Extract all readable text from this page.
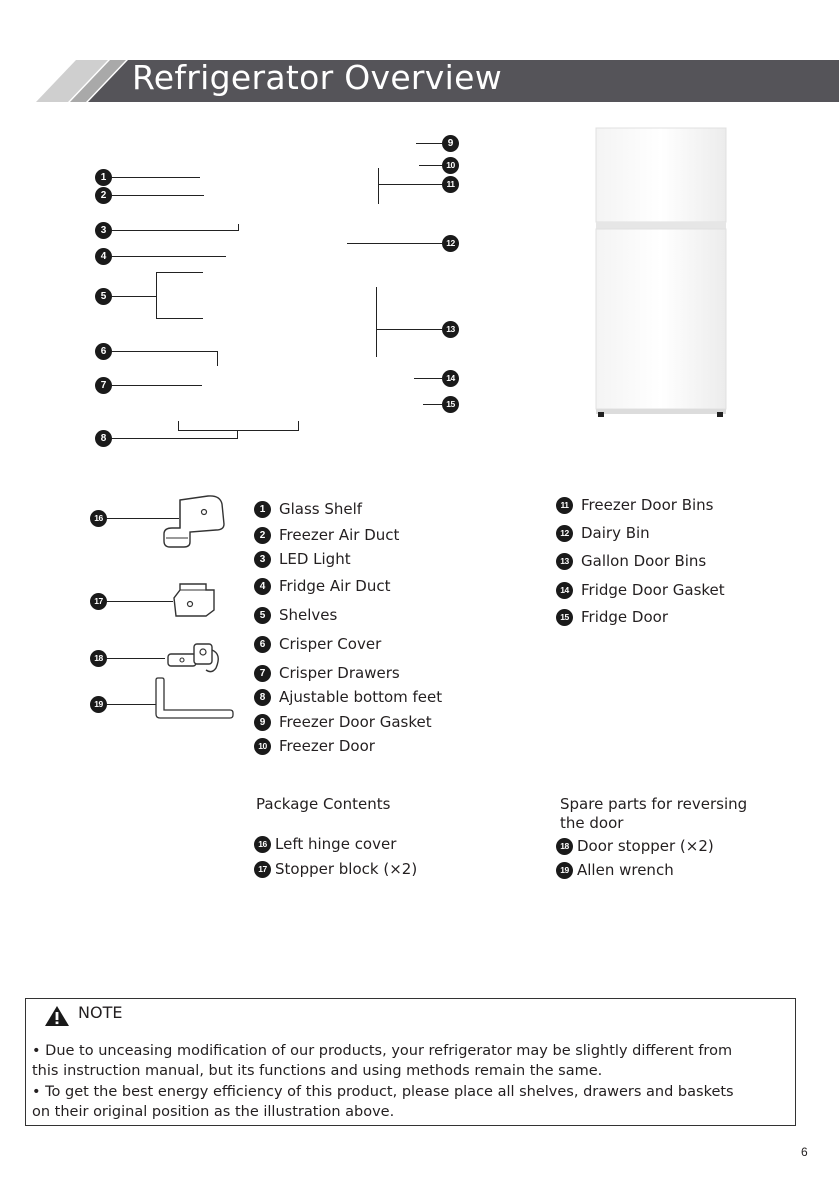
Refrigerator Overview
1
2
3
4
5
6
7
8
9
10
11
12
13
14
15
16
17
18
19
1 Glass Shelf
2 Freezer Air Duct
3 LED Light
4 Fridge Air Duct
5 Shelves
6 Crisper Cover
7 Crisper Drawers
8 Ajustable bottom feet
9 Freezer Door Gasket
10 Freezer Door
11 Freezer Door Bins
12 Dairy Bin
13 Gallon Door Bins
14 Fridge Door Gasket
15 Fridge Door
Package Contents
16 Left hinge cover
17 Stopper block (×2)
Spare parts for reversing
the door
18 Door stopper (×2)
19 Allen wrench
NOTE
• Due to unceasing modification of our products, your refrigerator may be slightly different from
this instruction manual, but its functions and using methods remain the same.
• To get the best energy efficiency of this product, please place all shelves, drawers and baskets
on their original position as the illustration above.
6
